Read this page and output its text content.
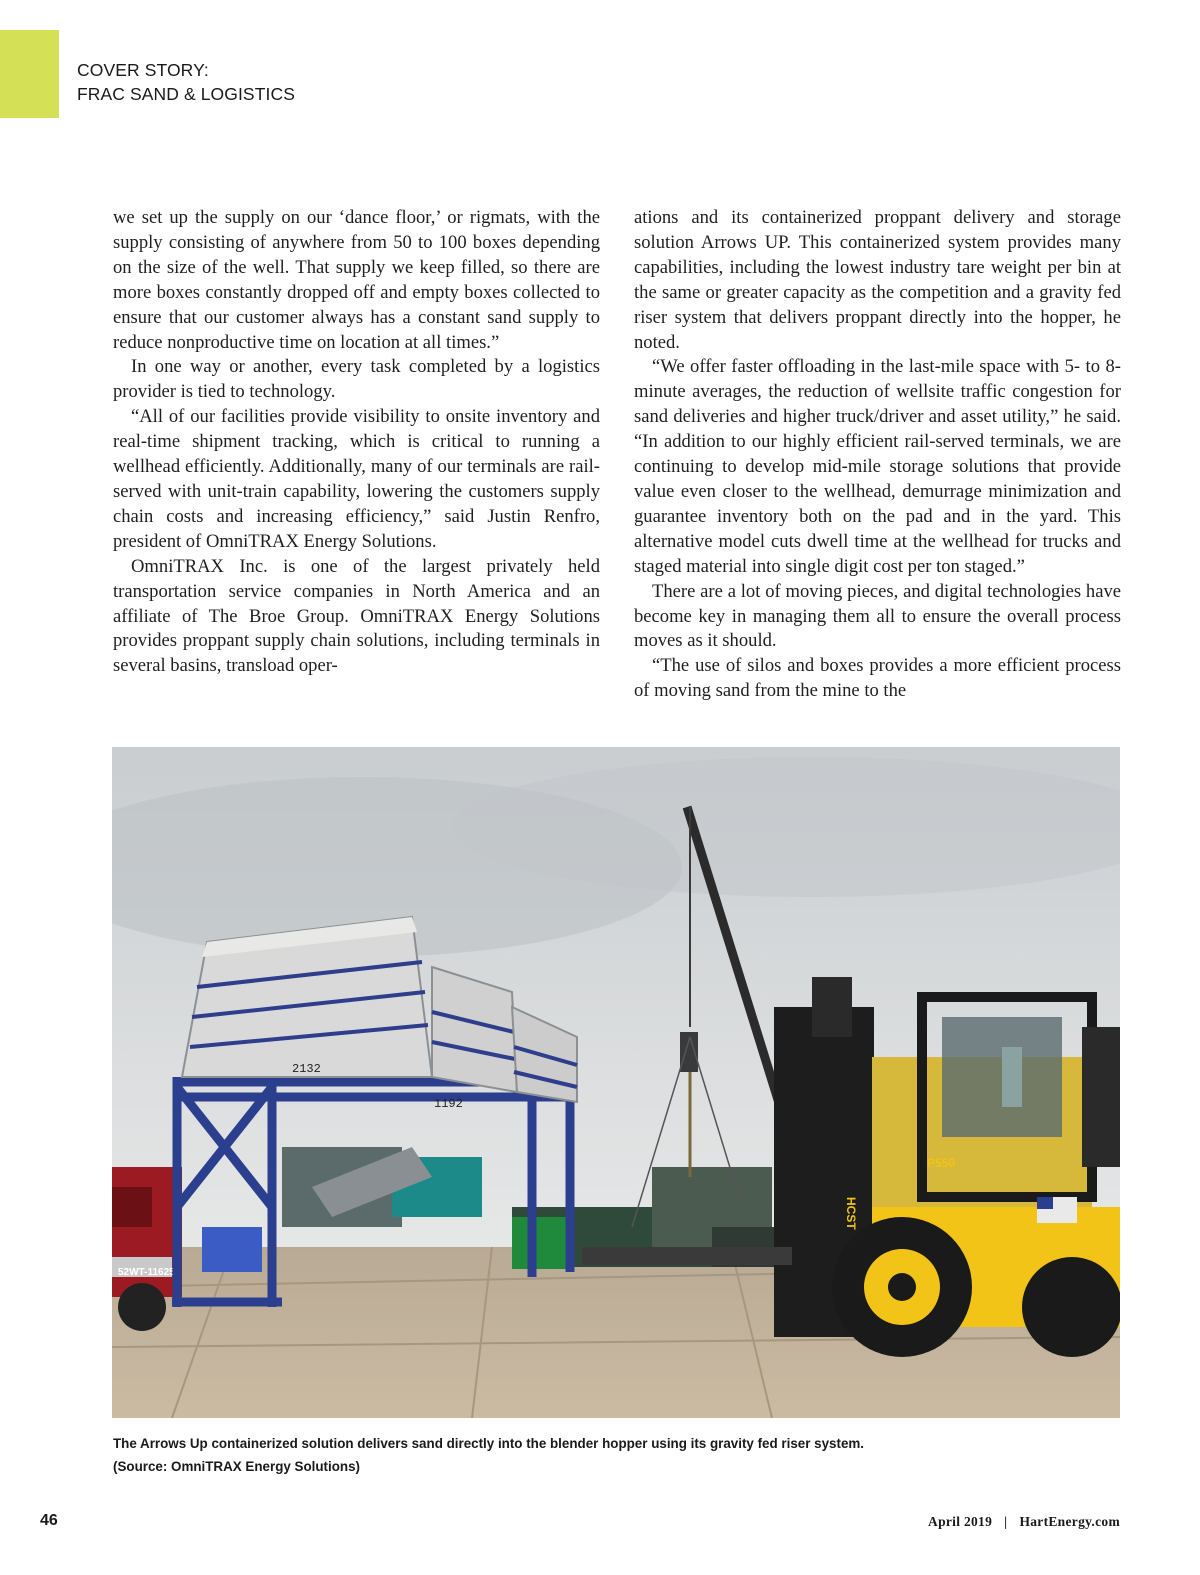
COVER STORY:
FRAC SAND & LOGISTICS

we set up the supply on our ‘dance floor,’ or rigmats, with the supply consisting of anywhere from 50 to 100 boxes depending on the size of the well. That supply we keep filled, so there are more boxes constantly dropped off and empty boxes collected to ensure that our customer always has a constant sand supply to reduce nonproductive time on location at all times.”

In one way or another, every task completed by a logistics provider is tied to technology.

“All of our facilities provide visibility to onsite inventory and real-time shipment tracking, which is critical to running a wellhead efficiently. Additionally, many of our terminals are rail-served with unit-train capability, lowering the customers supply chain costs and increasing efficiency,” said Justin Renfro, president of OmniTRAX Energy Solutions.

OmniTRAX Inc. is one of the largest privately held transportation service companies in North America and an affiliate of The Broe Group. OmniTRAX Energy Solutions provides proppant supply chain solutions, including terminals in several basins, transload oper-

ations and its containerized proppant delivery and storage solution Arrows UP. This containerized system provides many capabilities, including the lowest industry tare weight per bin at the same or greater capacity as the competition and a gravity fed riser system that delivers proppant directly into the hopper, he noted.

“We offer faster offloading in the last-mile space with 5- to 8-minute averages, the reduction of wellsite traffic congestion for sand deliveries and higher truck/driver and asset utility,” he said. “In addition to our highly efficient rail-served terminals, we are continuing to develop mid-mile storage solutions that provide value even closer to the wellhead, demurrage minimization and guarantee inventory both on the pad and in the yard. This alternative model cuts dwell time at the wellhead for trucks and staged material into single digit cost per ton staged.”

There are a lot of moving pieces, and digital technologies have become key in managing them all to ensure the overall process moves as it should.

“The use of silos and boxes provides a more efficient process of moving sand from the mine to the

52WT-11625
2132
1192
P550
HCST
The Arrows Up containerized solution delivers sand directly into the blender hopper using its gravity fed riser system.
(Source: OmniTRAX Energy Solutions)
46	April 2019 | HartEnergy.com
